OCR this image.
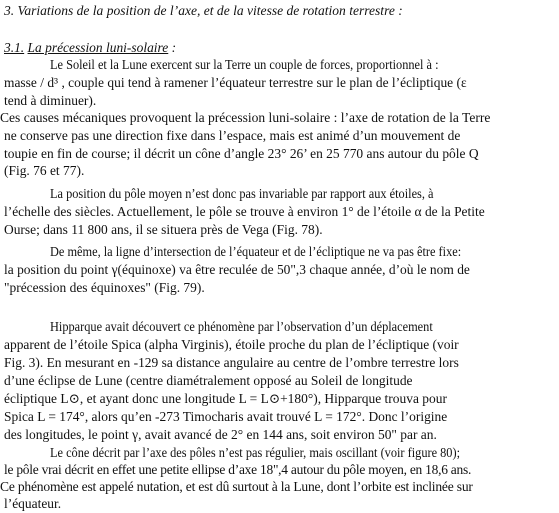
3. Variations de la position de l’axe, et de la vitesse de rotation terrestre :
3.1. La précession luni-solaire :
Le Soleil et la Lune exercent sur la Terre un couple de forces, proportionnel à :
masse / d³ , couple qui tend à ramener l’équateur terrestre sur le plan de l’écliptique (ε
tend à diminuer).
Ces causes mécaniques provoquent la précession luni-solaire : l’axe de rotation de la Terre
ne conserve pas une direction fixe dans l’espace, mais est animé d’un mouvement de
toupie en fin de course; il décrit un cône d’angle 23° 26’ en 25 770 ans autour du pôle Q
(Fig. 76 et 77).
La position du pôle moyen n’est donc pas invariable par rapport aux étoiles, à
l’échelle des siècles. Actuellement, le pôle se trouve à environ 1° de l’étoile α de la Petite
Ourse; dans 11 800 ans, il se situera près de Vega (Fig. 78).
De même, la ligne d’intersection de l’équateur et de l’écliptique ne va pas être fixe:
la position du point γ(équinoxe) va être reculée de 50",3 chaque année, d’où le nom de
"précession des équinoxes" (Fig. 79).
Hipparque avait découvert ce phénomène par l’observation d’un déplacement
apparent de l’étoile Spica (alpha Virginis), étoile proche du plan de l’écliptique (voir
Fig. 3). En mesurant en -129 sa distance angulaire au centre de l’ombre terrestre lors
d’une éclipse de Lune (centre diamétralement opposé au Soleil de longitude
écliptique L⊙, et ayant donc une longitude L = L⊙+180°), Hipparque trouva pour
Spica L = 174°, alors qu’en -273 Timocharis avait trouvé L = 172°. Donc l’origine
des longitudes, le point γ, avait avancé de 2° en 144 ans, soit environ 50" par an.
Le cône décrit par l’axe des pôles n’est pas régulier, mais oscillant (voir figure 80);
le pôle vrai décrit en effet une petite ellipse d’axe 18",4 autour du pôle moyen, en 18,6 ans.
Ce phénomène est appelé nutation, et est dû surtout à la Lune, dont l’orbite est inclinée sur
l’équateur.
